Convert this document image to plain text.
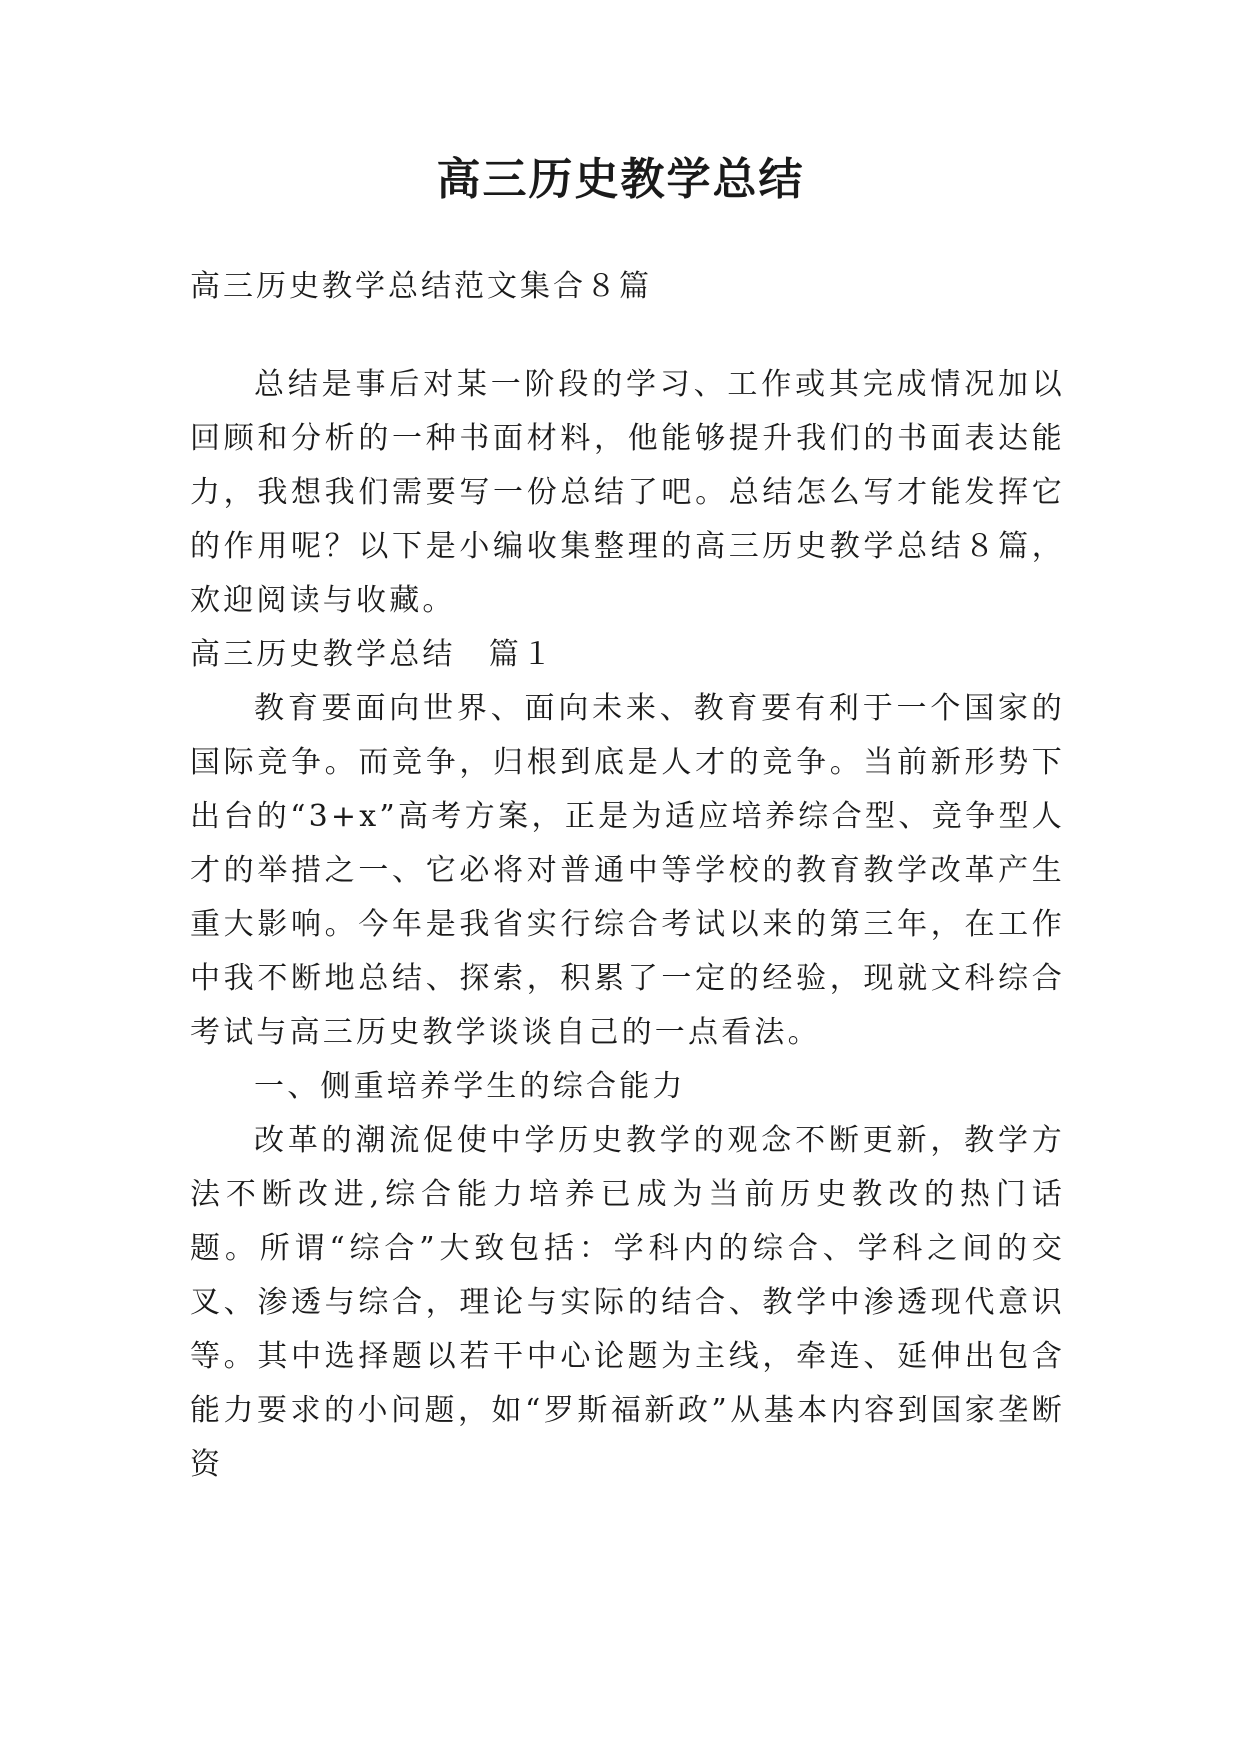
高三历史教学总结
高三历史教学总结范文集合８篇

总结是事后对某一阶段的学习、工作或其完成情况加以回顾和分析的一种书面材料，他能够提升我们的书面表达能力，我想我们需要写一份总结了吧。总结怎么写才能发挥它的作用呢？以下是小编收集整理的高三历史教学总结８篇，欢迎阅读与收藏。

高三历史教学总结　篇１

教育要面向世界、面向未来、教育要有利于一个国家的国际竞争。而竞争，归根到底是人才的竞争。当前新形势下出台的“3+x”高考方案，正是为适应培养综合型、竞争型人才的举措之一、它必将对普通中等学校的教育教学改革产生重大影响。今年是我省实行综合考试以来的第三年，在工作中我不断地总结、探索，积累了一定的经验，现就文科综合考试与高三历史教学谈谈自己的一点看法。

一、侧重培养学生的综合能力

改革的潮流促使中学历史教学的观念不断更新，教学方法不断改进,综合能力培养已成为当前历史教改的热门话题。所谓“综合”大致包括：学科内的综合、学科之间的交叉、渗透与综合，理论与实际的结合、教学中渗透现代意识等。其中选择题以若干中心论题为主线，牵连、延伸出包含能力要求的小问题，如“罗斯福新政”从基本内容到国家垄断资
